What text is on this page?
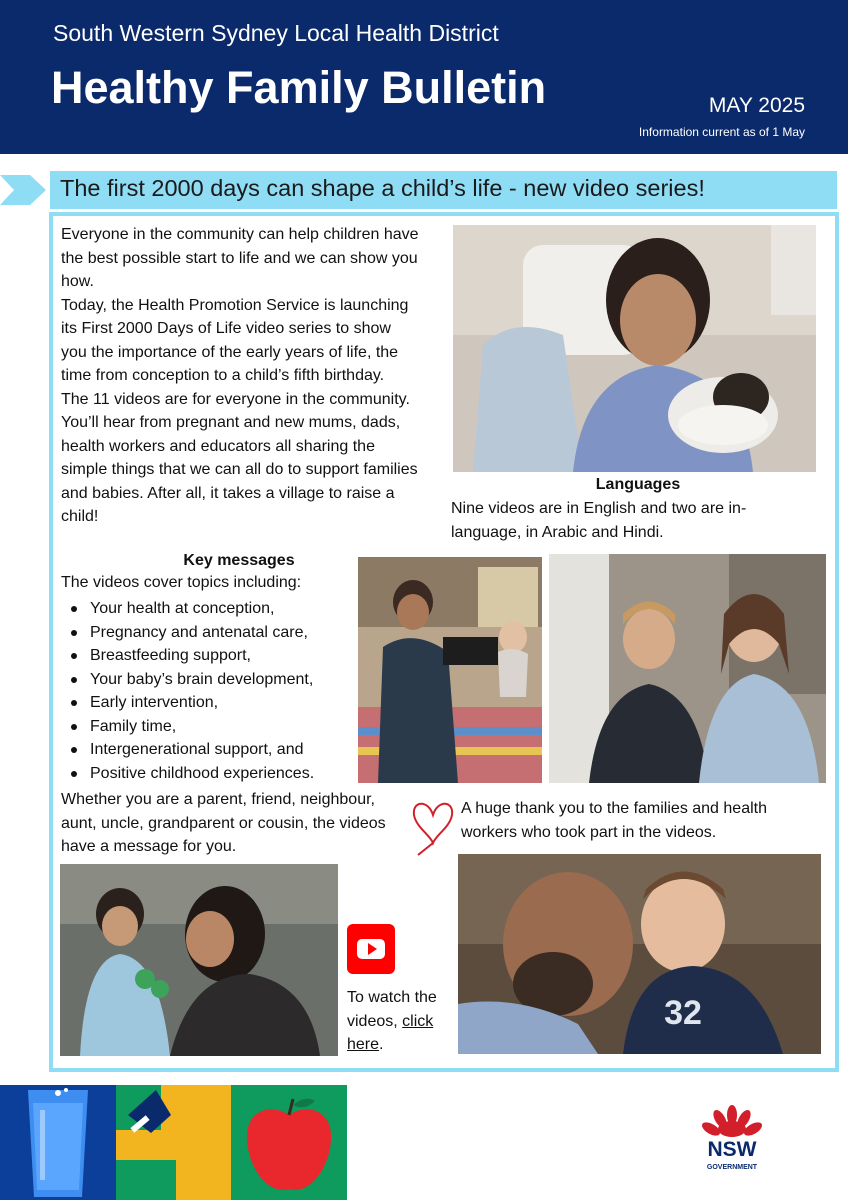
South Western Sydney Local Health District
Healthy Family Bulletin	MAY 2025
Information current as of 1 May
The first 2000 days can shape a child’s life - new video series!

Everyone in the community can help children have the best possible start to life and we can show you how.

Today, the Health Promotion Service is launching its First 2000 Days of Life video series to show you the importance of the early years of life, the time from conception to a child’s fifth birthday.

The 11 videos are for everyone in the community. You’ll hear from pregnant and new mums, dads, health workers and educators all sharing the simple things that we can all do to support families and babies. After all, it takes a village to raise a child!

Key messages
The videos cover topics including:
Your health at conception,
Pregnancy and antenatal care,
Breastfeeding support,
Your baby’s brain development,
Early intervention,
Family time,
Intergenerational support, and
Positive childhood experiences.
Whether you are a parent, friend, neighbour, aunt, uncle, grandparent or cousin, the videos have a message for you.
Languages
Nine videos are in English and two are in-language, in Arabic and Hindi.
A huge thank you to the families and health workers who took part in the videos.
To watch the videos, click here.
32
NSW
GOVERNMENT
